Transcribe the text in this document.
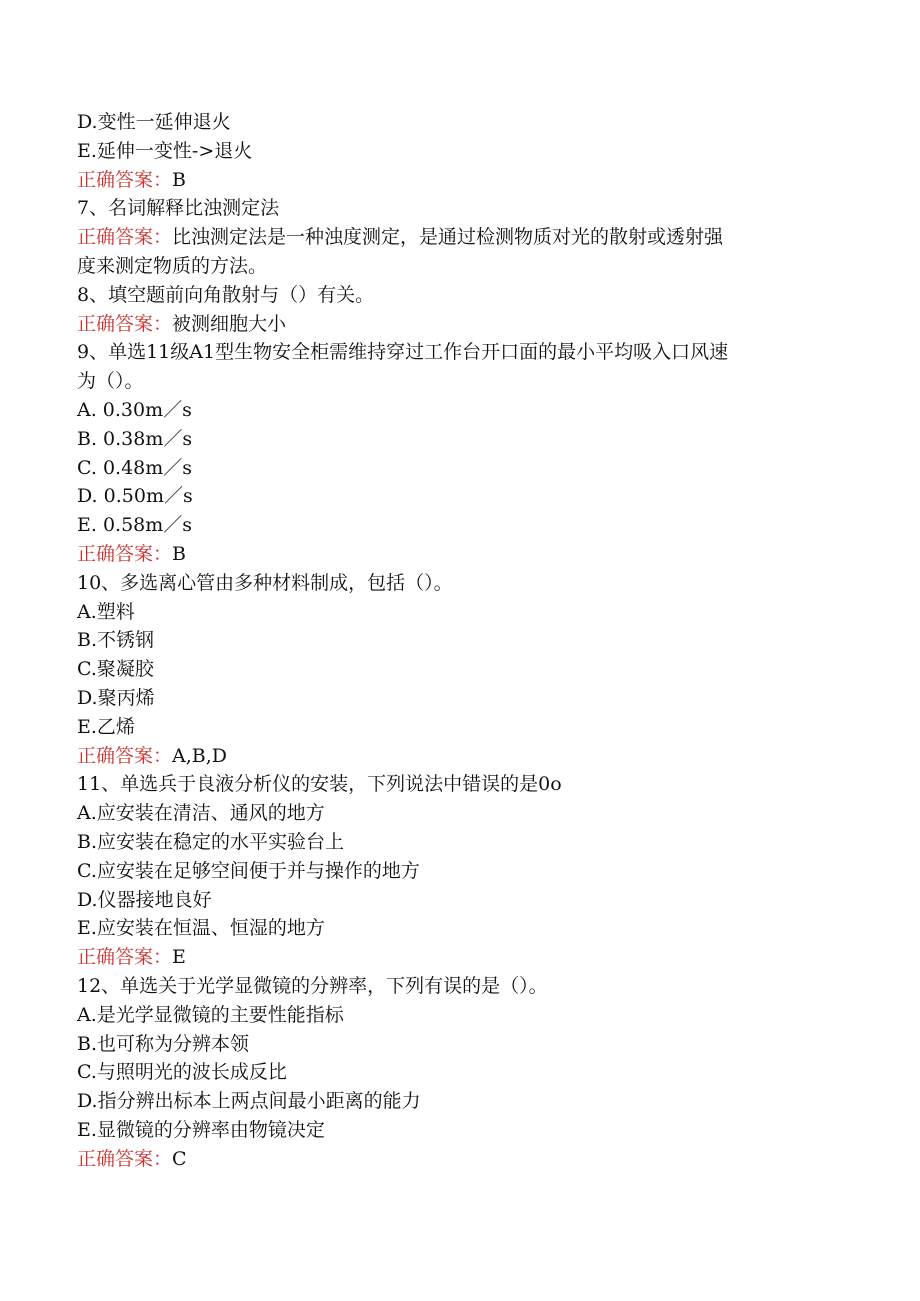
D.变性一延伸退火
E.延伸一变性->退火
正确答案：B
7、名词解释比浊测定法
正确答案：比浊测定法是一种浊度测定，是通过检测物质对光的散射或透射强
度来测定物质的方法。
8、填空题前向角散射与（）有关。
正确答案：被测细胞大小
9、单选11级A1型生物安全柜需维持穿过工作台开口面的最小平均吸入口风速
为（）。
A. 0.30m／s
B. 0.38m／s
C. 0.48m／s
D. 0.50m／s
E. 0.58m／s
正确答案：B
10、多选离心管由多种材料制成，包括（）。
A.塑料
B.不锈钢
C.聚凝胶
D.聚丙烯
E.乙烯
正确答案：A,B,D
11、单选兵于良液分析仪的安装，下列说法中错误的是0o
A.应安装在清洁、通风的地方
B.应安装在稳定的水平实验台上
C.应安装在足够空间便于并与操作的地方
D.仪器接地良好
E.应安装在恒温、恒湿的地方
正确答案：E
12、单选关于光学显微镜的分辨率，下列有误的是（）。
A.是光学显微镜的主要性能指标
B.也可称为分辨本领
C.与照明光的波长成反比
D.指分辨出标本上两点间最小距离的能力
E.显微镜的分辨率由物镜决定
正确答案：C
